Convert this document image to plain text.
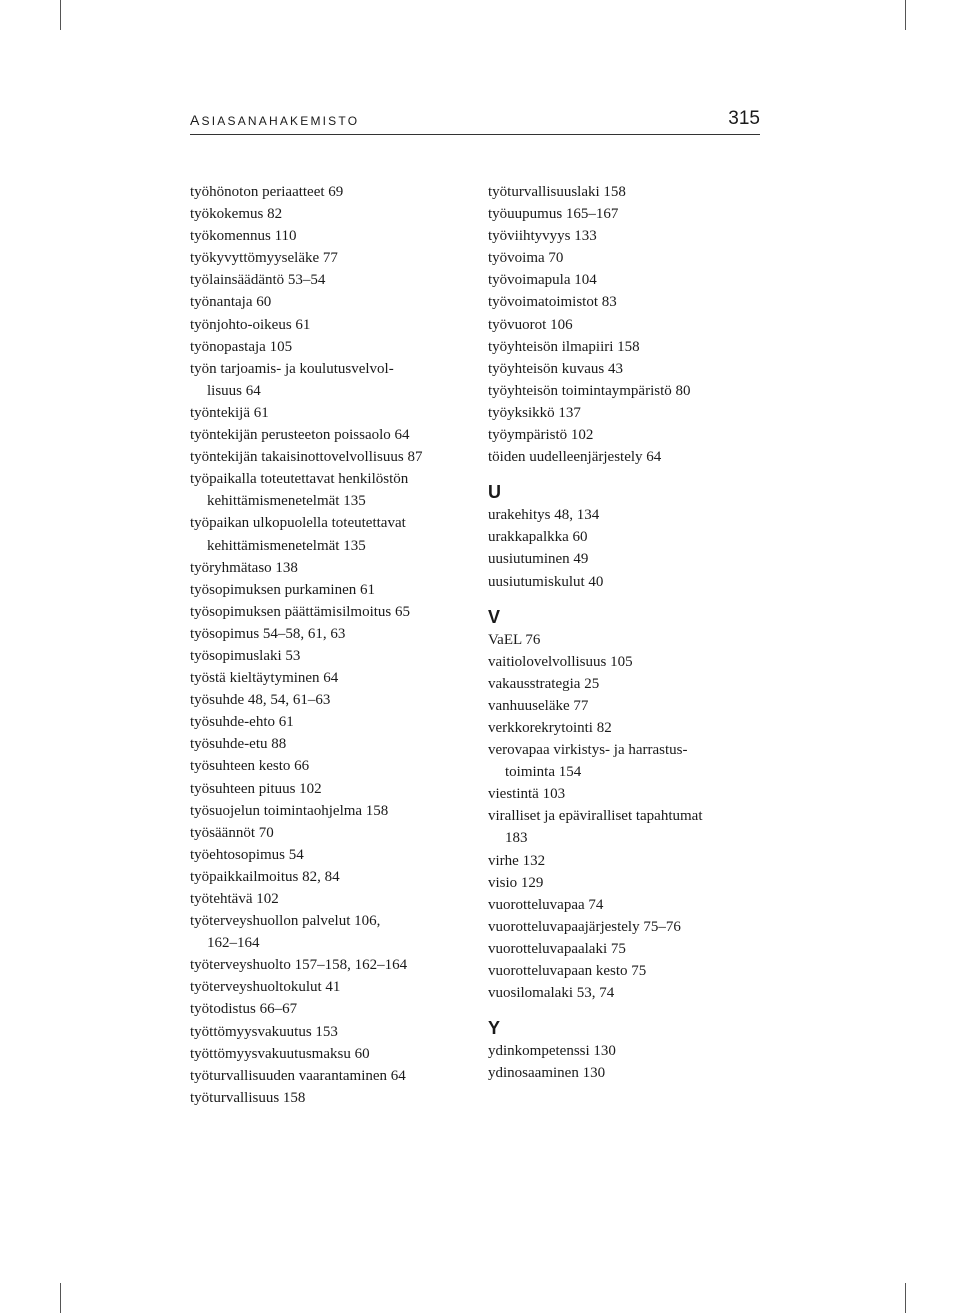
ASIASANAHAKEMISTO	315
työhönoton periaatteet 69
työkokemus 82
työkomennus 110
työkyvyttömyyseläke 77
työlainsäädäntö 53–54
työnantaja 60
työnjohto-oikeus 61
työnopastaja 105
työn tarjoamis- ja koulutusvelvol-
lisuus 64
työntekijä 61
työntekijän perusteeton poissaolo 64
työntekijän takaisinottovelvollisuus 87
työpaikalla toteutettavat henkilöstön
kehittämismenetelmät 135
työpaikan ulkopuolella toteutettavat
kehittämismenetelmät 135
työryhmätaso 138
työsopimuksen purkaminen 61
työsopimuksen päättämisilmoitus 65
työsopimus 54–58, 61, 63
työsopimuslaki 53
työstä kieltäytyminen 64
työsuhde 48, 54, 61–63
työsuhde-ehto 61
työsuhde-etu 88
työsuhteen kesto 66
työsuhteen pituus 102
työsuojelun toimintaohjelma 158
työsäännöt 70
työehtosopimus 54
työpaikkailmoitus 82, 84
työtehtävä 102
työterveyshuollon palvelut 106,
162–164
työterveyshuolto 157–158, 162–164
työterveyshuoltokulut 41
työtodistus 66–67
työttömyysvakuutus 153
työttömyysvakuutusmaksu 60
työturvallisuuden vaarantaminen 64
työturvallisuus 158
työturvallisuuslaki 158
työuupumus 165–167
työviihtyvyys 133
työvoima 70
työvoimapula 104
työvoimatoimistot 83
työvuorot 106
työyhteisön ilmapiiri 158
työyhteisön kuvaus 43
työyhteisön toimintaympäristö 80
työyksikkö 137
työympäristö 102
töiden uudelleenjärjestely 64
U
urakehitys 48, 134
urakkapalkka 60
uusiutuminen 49
uusiutumiskulut 40
V
VaEL 76
vaitiolovelvollisuus 105
vakausstrategia 25
vanhuuseläke 77
verkkorekrytointi 82
verovapaa virkistys- ja harrastus-
toiminta 154
viestintä 103
viralliset ja epäviralliset tapahtumat
183
virhe 132
visio 129
vuorotteluvapaa 74
vuorotteluvapaajärjestely 75–76
vuorotteluvapaalaki 75
vuorotteluvapaan kesto 75
vuosilomalaki 53, 74
Y
ydinkompetenssi 130
ydinosaaminen 130
